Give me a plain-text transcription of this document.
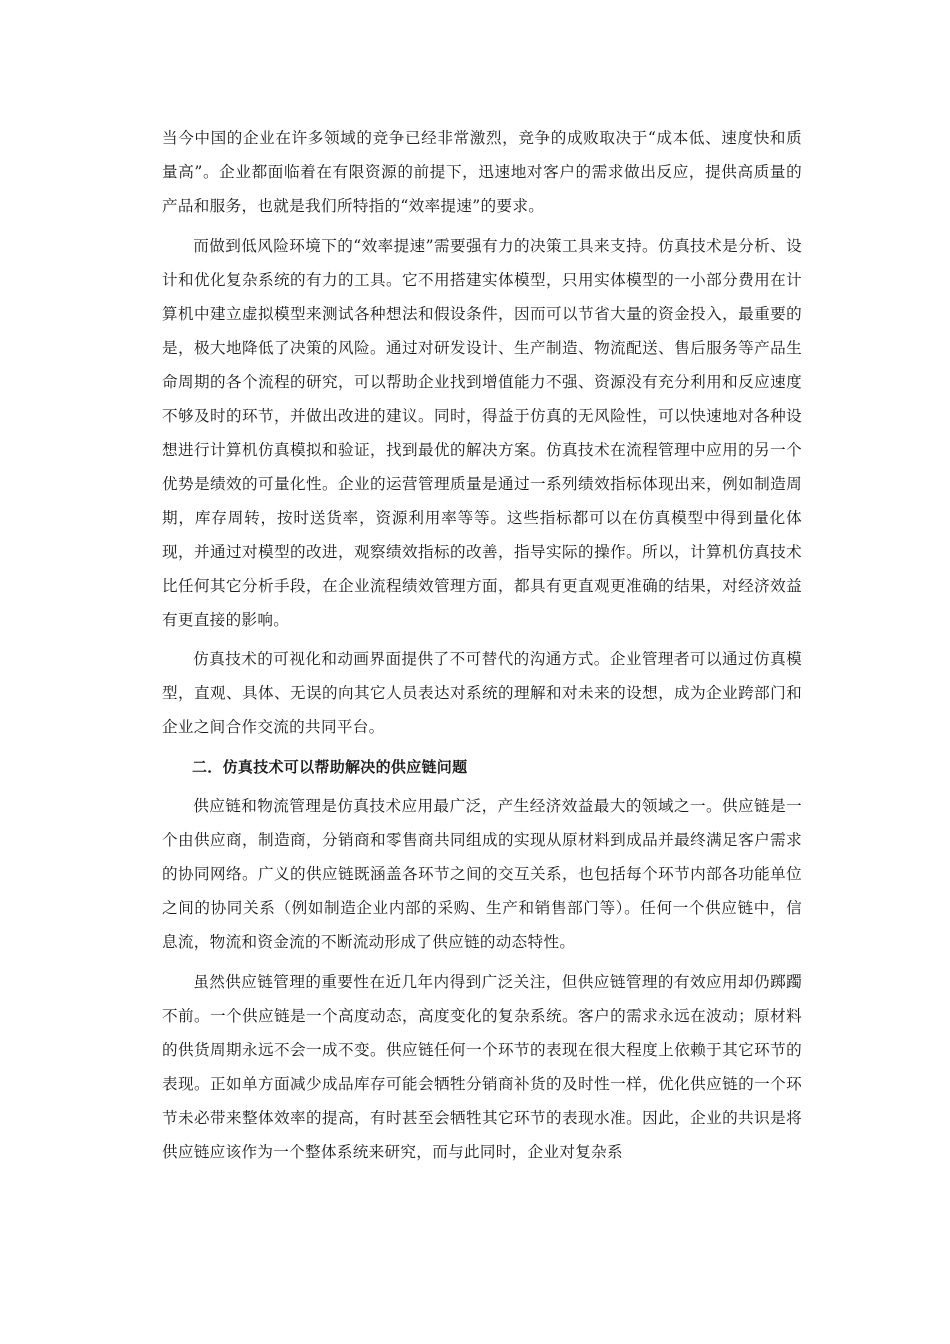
当今中国的企业在许多领域的竞争已经非常激烈，竞争的成败取决于“成本低、速度快和质量高”。企业都面临着在有限资源的前提下，迅速地对客户的需求做出反应，提供高质量的产品和服务，也就是我们所特指的“效率提速”的要求。

而做到低风险环境下的“效率提速”需要强有力的决策工具来支持。仿真技术是分析、设计和优化复杂系统的有力的工具。它不用搭建实体模型，只用实体模型的一小部分费用在计算机中建立虚拟模型来测试各种想法和假设条件，因而可以节省大量的资金投入，最重要的是，极大地降低了决策的风险。通过对研发设计、生产制造、物流配送、售后服务等产品生命周期的各个流程的研究，可以帮助企业找到增值能力不强、资源没有充分利用和反应速度不够及时的环节，并做出改进的建议。同时，得益于仿真的无风险性，可以快速地对各种设想进行计算机仿真模拟和验证，找到最优的解决方案。仿真技术在流程管理中应用的另一个优势是绩效的可量化性。企业的运营管理质量是通过一系列绩效指标体现出来，例如制造周期，库存周转，按时送货率，资源利用率等等。这些指标都可以在仿真模型中得到量化体现，并通过对模型的改进，观察绩效指标的改善，指导实际的操作。所以，计算机仿真技术比任何其它分析手段，在企业流程绩效管理方面，都具有更直观更准确的结果，对经济效益有更直接的影响。

仿真技术的可视化和动画界面提供了不可替代的沟通方式。企业管理者可以通过仿真模型，直观、具体、无误的向其它人员表达对系统的理解和对未来的设想，成为企业跨部门和企业之间合作交流的共同平台。

二．仿真技术可以帮助解决的供应链问题

供应链和物流管理是仿真技术应用最广泛，产生经济效益最大的领域之一。供应链是一个由供应商，制造商，分销商和零售商共同组成的实现从原材料到成品并最终满足客户需求的协同网络。广义的供应链既涵盖各环节之间的交互关系，也包括每个环节内部各功能单位之间的协同关系（例如制造企业内部的采购、生产和销售部门等）。任何一个供应链中，信息流，物流和资金流的不断流动形成了供应链的动态特性。

虽然供应链管理的重要性在近几年内得到广泛关注，但供应链管理的有效应用却仍踯躅不前。一个供应链是一个高度动态，高度变化的复杂系统。客户的需求永远在波动；原材料的供货周期永远不会一成不变。供应链任何一个环节的表现在很大程度上依赖于其它环节的表现。正如单方面减少成品库存可能会牺牲分销商补货的及时性一样，优化供应链的一个环节未必带来整体效率的提高，有时甚至会牺牲其它环节的表现水准。因此，企业的共识是将供应链应该作为一个整体系统来研究，而与此同时，企业对复杂系
